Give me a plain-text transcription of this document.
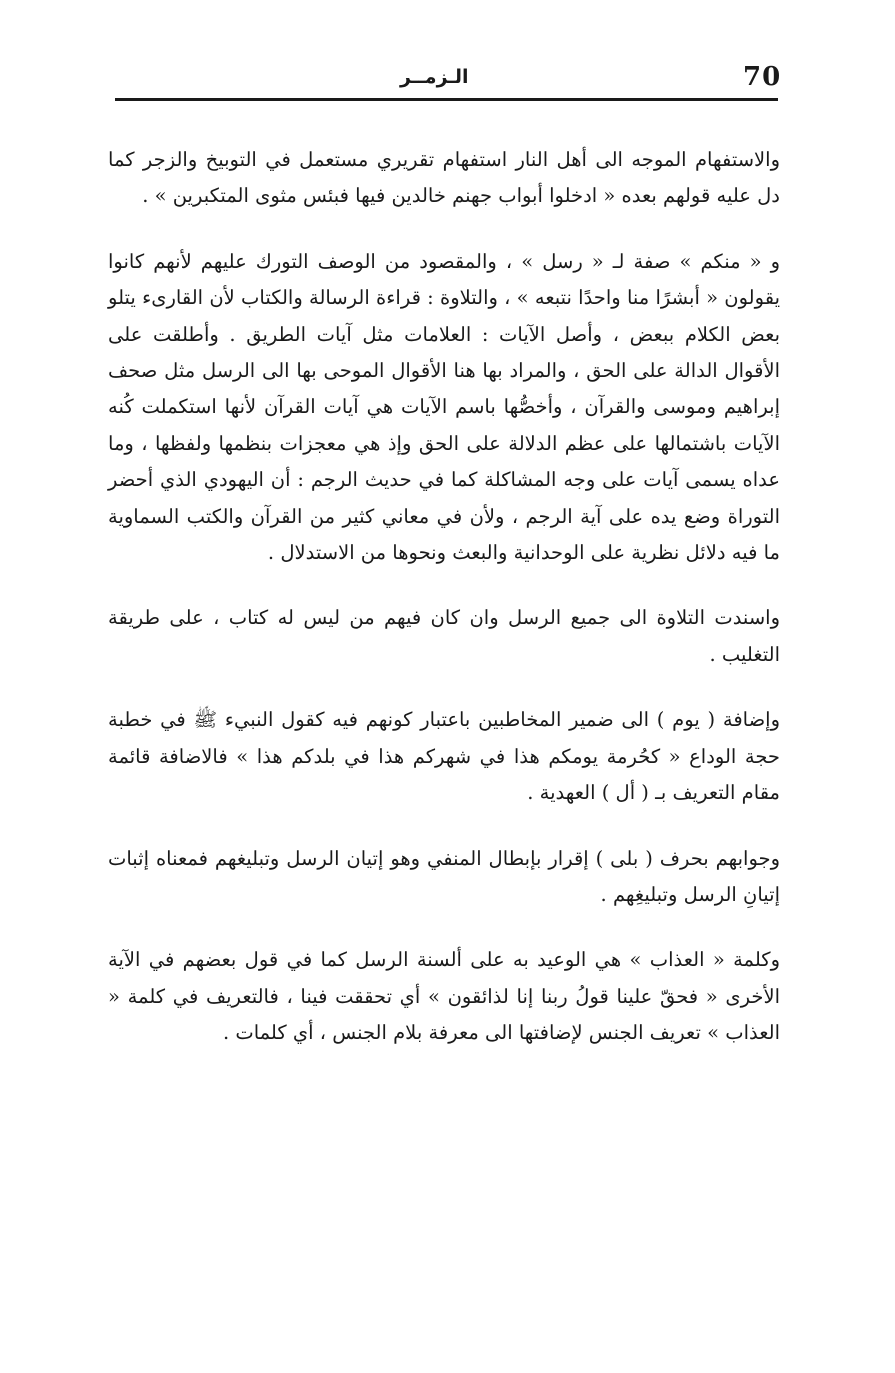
70
الـزمــر

والاستفهام الموجه الى أهل النار استفهام تقريري مستعمل في التوبيخ والزجر كما دل عليه قولهم بعده « ادخلوا أبواب جهنم خالدين فيها فبئس مثوى المتكبرين » .

و « منكم » صفة لـ « رسل » ، والمقصود من الوصف التورك عليهم لأنهم كانوا يقولون « أبشرًا منا واحدًا نتبعه » ، والتلاوة : قراءة الرسالة والكتاب لأن القارىء يتلو بعض الكلام ببعض ، وأصل الآيات : العلامات مثل آيات الطريق . وأطلقت على الأقوال الدالة على الحق ، والمراد بها هنا الأقوال الموحى بها الى الرسل مثل صحف إبراهيم وموسى والقرآن ، وأخصُّها باسم الآيات هي آيات القرآن لأنها استكملت كُنه الآيات باشتمالها على عظم الدلالة على الحق وإذ هي معجزات بنظمها ولفظها ، وما عداه يسمى آيات على وجه المشاكلة كما في حديث الرجم : أن اليهودي الذي أحضر التوراة وضع يده على آية الرجم ، ولأن في معاني كثير من القرآن والكتب السماوية ما فيه دلائل نظرية على الوحدانية والبعث ونحوها من الاستدلال .

واسندت التلاوة الى جميع الرسل وان كان فيهم من ليس له كتاب ، على طريقة التغليب .

وإضافة ( يوم ) الى ضمير المخاطبين باعتبار كونهم فيه كقول النبيء ﷺ في خطبة حجة الوداع « كحُرمة يومكم هذا في شهركم هذا في بلدكم هذا » فالاضافة قائمة مقام التعريف بـ ( أل ) العهدية .

وجوابهم بحرف ( بلى ) إقرار بإبطال المنفي وهو إتيان الرسل وتبليغهم فمعناه إثبات إتيانِ الرسل وتبليغِهم .

وكلمة « العذاب » هي الوعيد به على ألسنة الرسل كما في قول بعضهم في الآية الأخرى « فحقّ علينا قولُ ربنا إنا لذائقون » أي تحققت فينا ، فالتعريف في كلمة « العذاب » تعريف الجنس لإضافتها الى معرفة بلام الجنس ، أي كلمات .
